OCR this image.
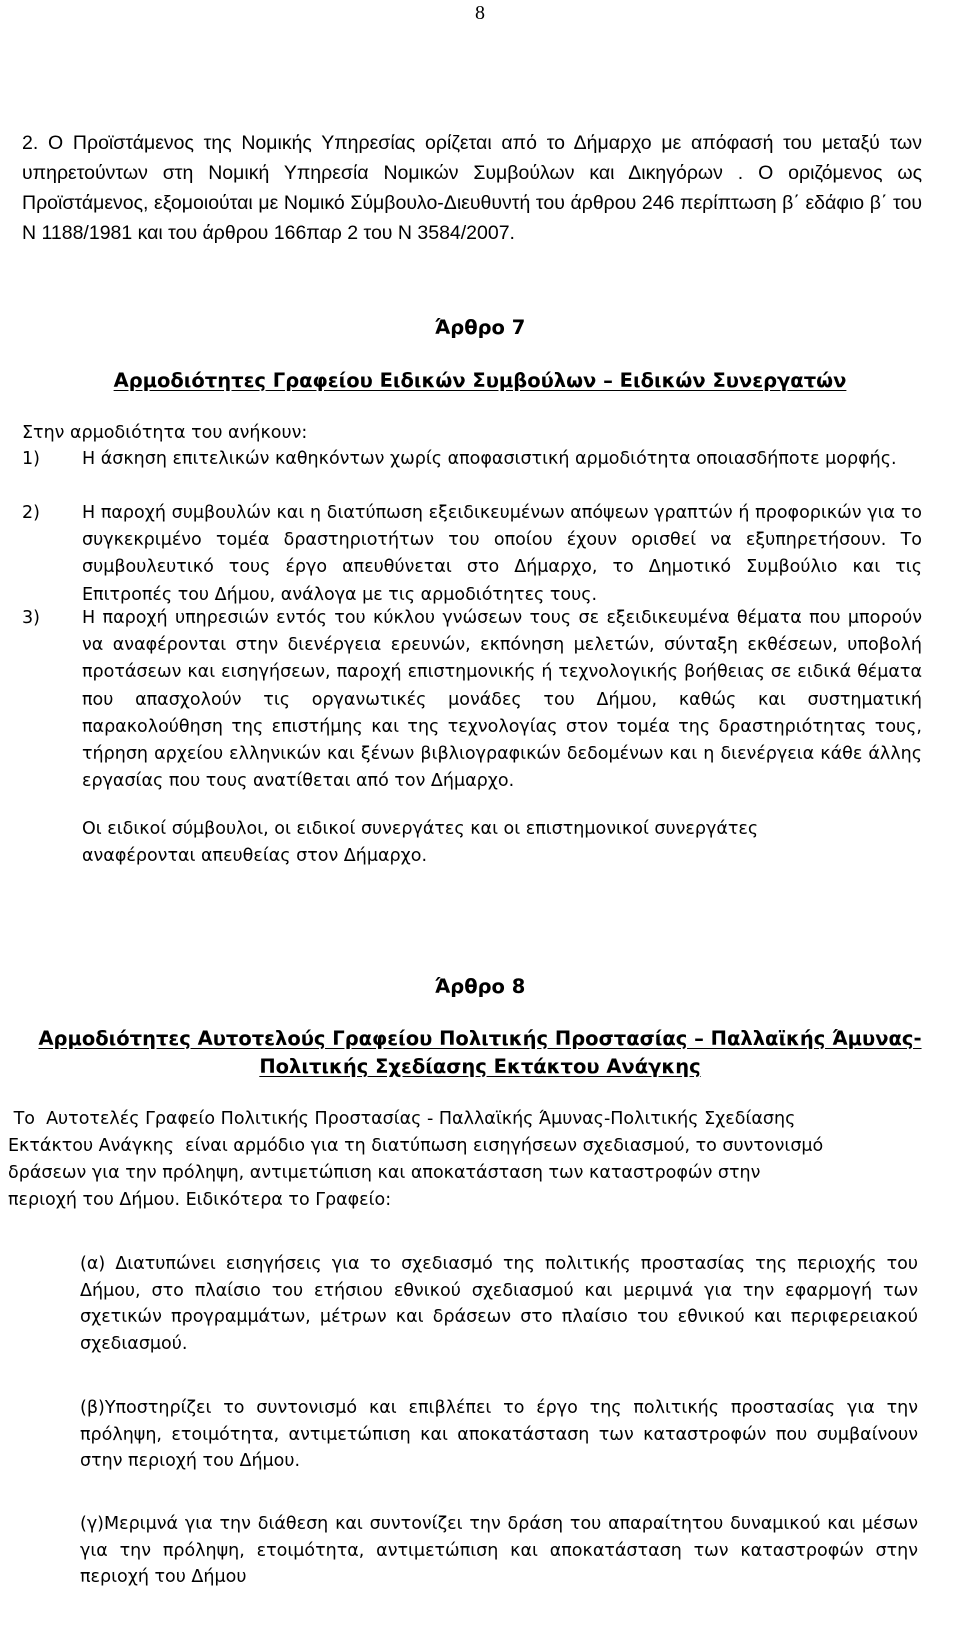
8
2. Ο Προϊστάμενος της Νομικής Υπηρεσίας ορίζεται από το Δήμαρχο με απόφασή του μεταξύ των υπηρετούντων στη Νομική Υπηρεσία Νομικών Συμβούλων και Δικηγόρων . Ο οριζόμενος ως Προϊστάμενος, εξομοιούται με Νομικό Σύμβουλο-Διευθυντή του άρθρου 246 περίπτωση β΄ εδάφιο β΄ του Ν 1188/1981 και του άρθρου 166παρ 2 του Ν 3584/2007.
Άρθρο 7
Αρμοδιότητες Γραφείου Ειδικών Συμβούλων – Ειδικών Συνεργατών
Στην αρμοδιότητα του ανήκουν:
1) Η άσκηση επιτελικών καθηκόντων χωρίς αποφασιστική αρμοδιότητα οποιασδήποτε μορφής.
2) Η παροχή συμβουλών και η διατύπωση εξειδικευμένων απόψεων γραπτών ή προφορικών για το συγκεκριμένο τομέα δραστηριοτήτων του οποίου έχουν ορισθεί να εξυπηρετήσουν. Το συμβουλευτικό τους έργο απευθύνεται στο Δήμαρχο, το Δημοτικό Συμβούλιο και τις Επιτροπές του Δήμου, ανάλογα με τις αρμοδιότητες τους.
3) Η παροχή υπηρεσιών εντός του κύκλου γνώσεων τους σε εξειδικευμένα θέματα που μπορούν να αναφέρονται στην διενέργεια ερευνών, εκπόνηση μελετών, σύνταξη εκθέσεων, υποβολή προτάσεων και εισηγήσεων, παροχή επιστημονικής ή τεχνολογικής βοήθειας σε ειδικά θέματα που απασχολούν τις οργανωτικές μονάδες του Δήμου, καθώς και συστηματική παρακολούθηση της επιστήμης και της τεχνολογίας στον τομέα της δραστηριότητας τους, τήρηση αρχείου ελληνικών και ξένων βιβλιογραφικών δεδομένων και η διενέργεια κάθε άλλης εργασίας που τους ανατίθεται από τον Δήμαρχο.
Οι ειδικοί σύμβουλοι, οι ειδικοί συνεργάτες και οι επιστημονικοί συνεργάτες
αναφέρονται απευθείας στον Δήμαρχο.
Άρθρο 8
Αρμοδιότητες Αυτοτελούς Γραφείου Πολιτικής Προστασίας – Παλλαϊκής Άμυνας-
Πολιτικής Σχεδίασης Εκτάκτου Ανάγκης
Το  Αυτοτελές Γραφείο Πολιτικής Προστασίας - Παλλαϊκής Άμυνας-Πολιτικής Σχεδίασης
Εκτάκτου Ανάγκης  είναι αρμόδιο για τη διατύπωση εισηγήσεων σχεδιασμού, το συντονισμό
δράσεων για την πρόληψη, αντιμετώπιση και αποκατάσταση των καταστροφών στην
περιοχή του Δήμου. Ειδικότερα το Γραφείο:
(α) Διατυπώνει εισηγήσεις για το σχεδιασμό της πολιτικής προστασίας της περιοχής του Δήμου, στο πλαίσιο του ετήσιου εθνικού σχεδιασμού και μεριμνά για την εφαρμογή των σχετικών προγραμμάτων, μέτρων και δράσεων στο πλαίσιο του εθνικού και περιφερειακού σχεδιασμού.
(β)Υποστηρίζει το συντονισμό και επιβλέπει το έργο της πολιτικής προστασίας για την πρόληψη, ετοιμότητα, αντιμετώπιση και αποκατάσταση των καταστροφών που συμβαίνουν στην περιοχή του Δήμου.
(γ)Μεριμνά για την διάθεση και συντονίζει την δράση του απαραίτητου δυναμικού και μέσων για την πρόληψη, ετοιμότητα, αντιμετώπιση και αποκατάσταση των καταστροφών στην περιοχή του Δήμου
